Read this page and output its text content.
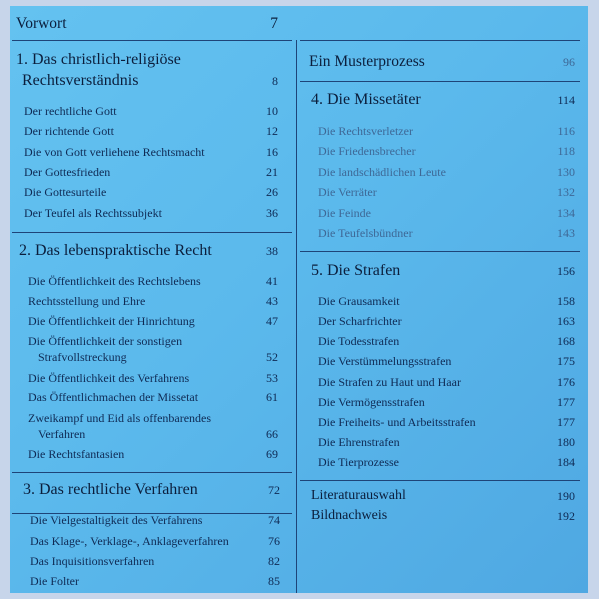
Vorwort	7
1. Das christlich-religiöse
Rechtsverständnis	8
Der rechtliche Gott	10
Der richtende Gott	12
Die von Gott verliehene Rechtsmacht	16
Der Gottesfrieden	21
Die Gottesurteile	26
Der Teufel als Rechtssubjekt	36
2. Das lebenspraktische Recht	38
Die Öffentlichkeit des Rechtslebens	41
Rechtsstellung und Ehre	43
Die Öffentlichkeit der Hinrichtung	47
Die Öffentlichkeit der sonstigen
Strafvollstreckung	52
Die Öffentlichkeit des Verfahrens	53
Das Öffentlichmachen der Missetat	61
Zweikampf und Eid als offenbarendes
Verfahren	66
Die Rechtsfantasien	69
3. Das rechtliche Verfahren	72
Die Vielgestaltigkeit des Verfahrens	74
Das Klage-, Verklage-, Anklageverfahren	76
Das Inquisitionsverfahren	82
Die Folter	85
Ein Musterprozess	96
4. Die Missetäter	114
Die Rechtsverletzer	116
Die Friedensbrecher	118
Die landschädlichen Leute	130
Die Verräter	132
Die Feinde	134
Die Teufelsbündner	143
5. Die Strafen	156
Die Grausamkeit	158
Der Scharfrichter	163
Die Todesstrafen	168
Die Verstümmelungsstrafen	175
Die Strafen zu Haut und Haar	176
Die Vermögensstrafen	177
Die Freiheits- und Arbeitsstrafen	177
Die Ehrenstrafen	180
Die Tierprozesse	184
Literaturauswahl	190
Bildnachweis	192
